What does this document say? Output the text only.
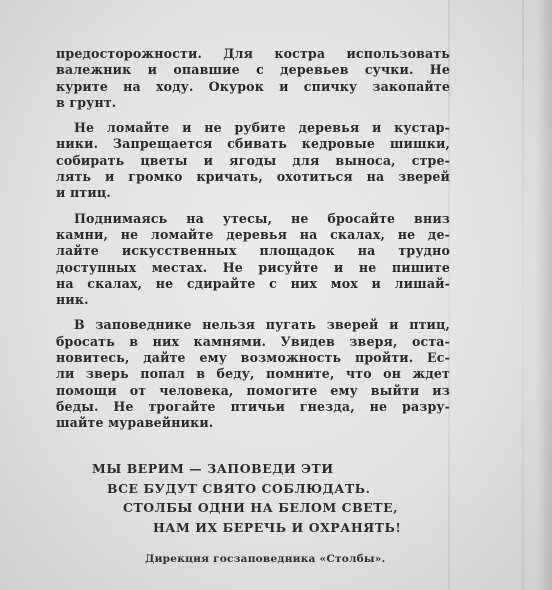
предосторожности. Для костра использовать
валежник и опавшие с деревьев сучки. Не
курите на ходу. Окурок и спичку закопайте
в грунт.
Не ломайте и не рубите деревья и кустар-
ники. Запрещается сбивать кедровые шишки,
собирать цветы и ягоды для выноса, стре-
лять и громко кричать, охотиться на зверей
и птиц.
Поднимаясь на утесы, не бросайте вниз
камни, не ломайте деревья на скалах, не де-
лайте искусственных площадок на трудно
доступных местах. Не рисуйте и не пишите
на скалах, не сдирайте с них мох и лишай-
ник.
В заповеднике нельзя пугать зверей и птиц,
бросать в них камнями. Увидев зверя, оста-
новитесь, дайте ему возможность пройти. Ес-
ли зверь попал в беду, помните, что он ждет
помощи от человека, помогите ему выйти из
беды. Не трогайте птичьи гнезда, не разру-
шайте муравейники.
МЫ ВЕРИМ — ЗАПОВЕДИ ЭТИ
ВСЕ БУДУТ СВЯТО СОБЛЮДАТЬ.
СТОЛБЫ ОДНИ НА БЕЛОМ СВЕТЕ,
НАМ ИХ БЕРЕЧЬ И ОХРАНЯТЬ!
Дирекция госзаповедника «Столбы».
